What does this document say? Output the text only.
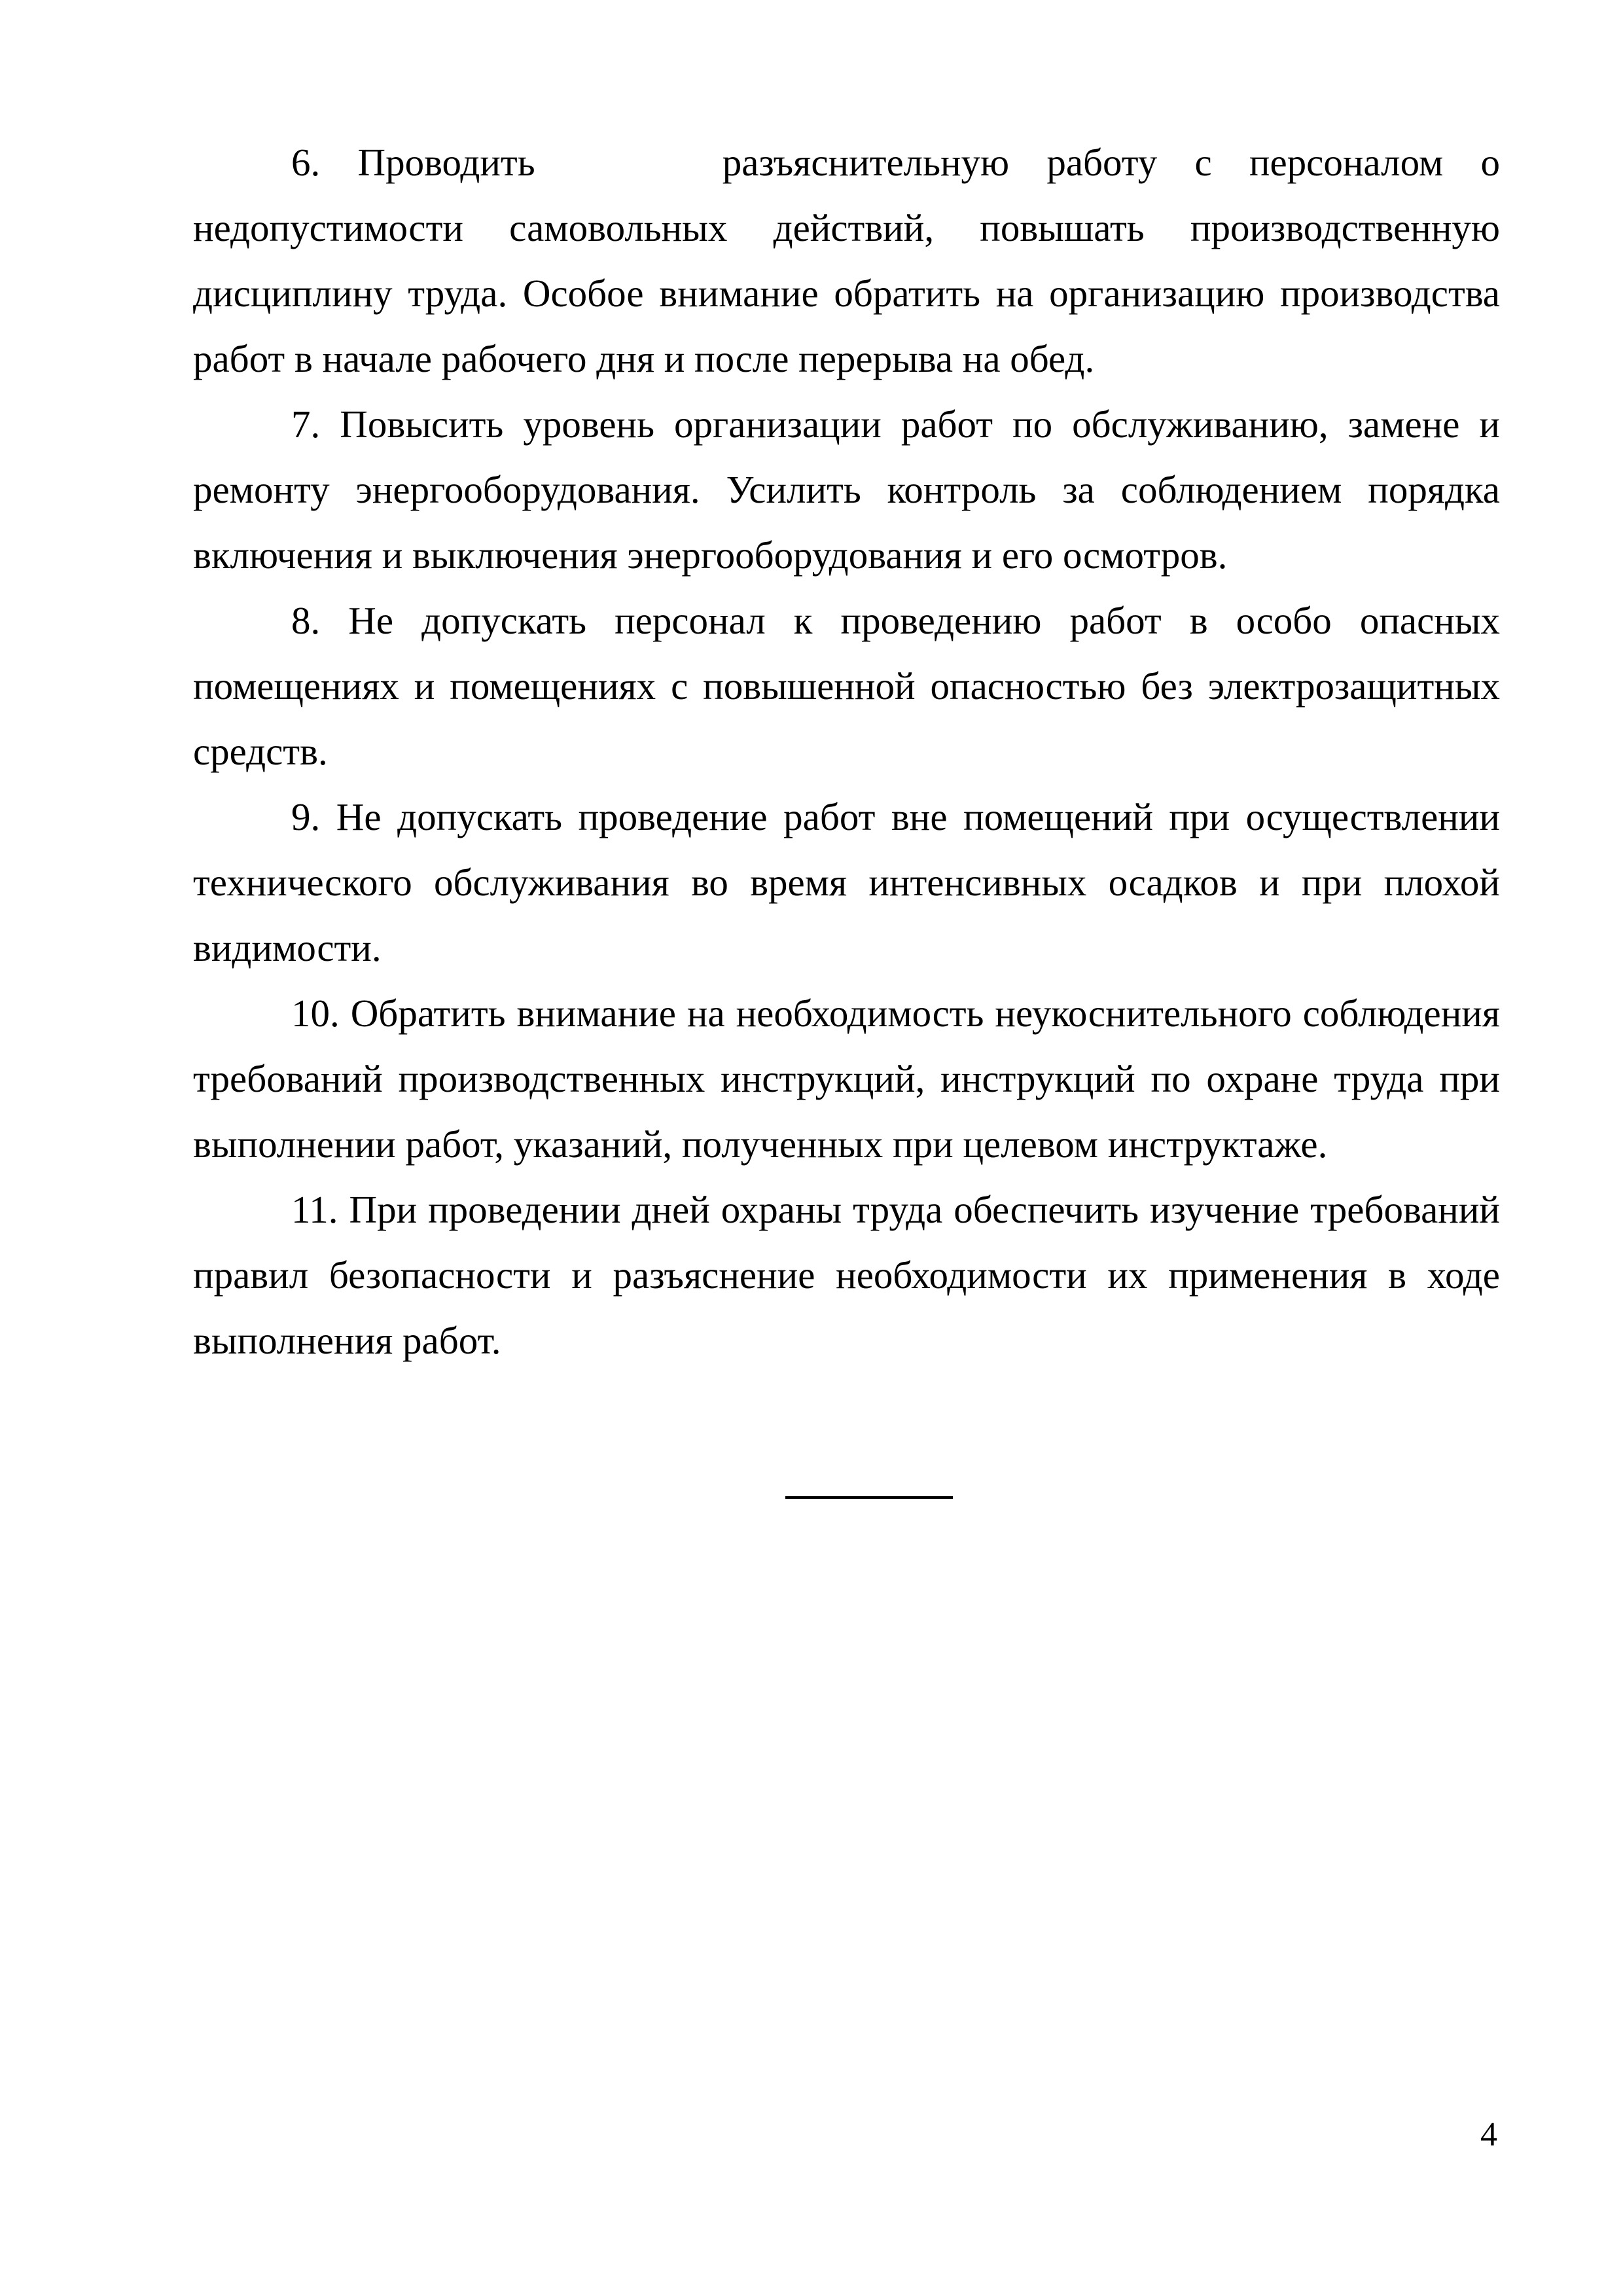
6. Проводить     разъяснительную работу с персоналом о недопустимости самовольных действий, повышать производственную дисциплину труда. Особое внимание обратить на организацию производства работ в начале рабочего дня и после перерыва на обед.

7. Повысить уровень организации работ по обслуживанию, замене и ремонту энергооборудования. Усилить контроль за соблюдением порядка включения и выключения энергооборудования и его осмотров.

8. Не допускать персонал к проведению работ в особо опасных помещениях и помещениях с повышенной опасностью без электрозащитных средств.

9. Не допускать проведение работ вне помещений при осуществлении технического обслуживания во время интенсивных осадков и при плохой видимости.

10. Обратить внимание на необходимость неукоснительного соблюдения требований производственных инструкций, инструкций по охране труда при выполнении работ, указаний, полученных при целевом инструктаже.

11. При проведении дней охраны труда обеспечить изучение требований правил безопасности и разъяснение необходимости их применения в ходе выполнения работ.

4
